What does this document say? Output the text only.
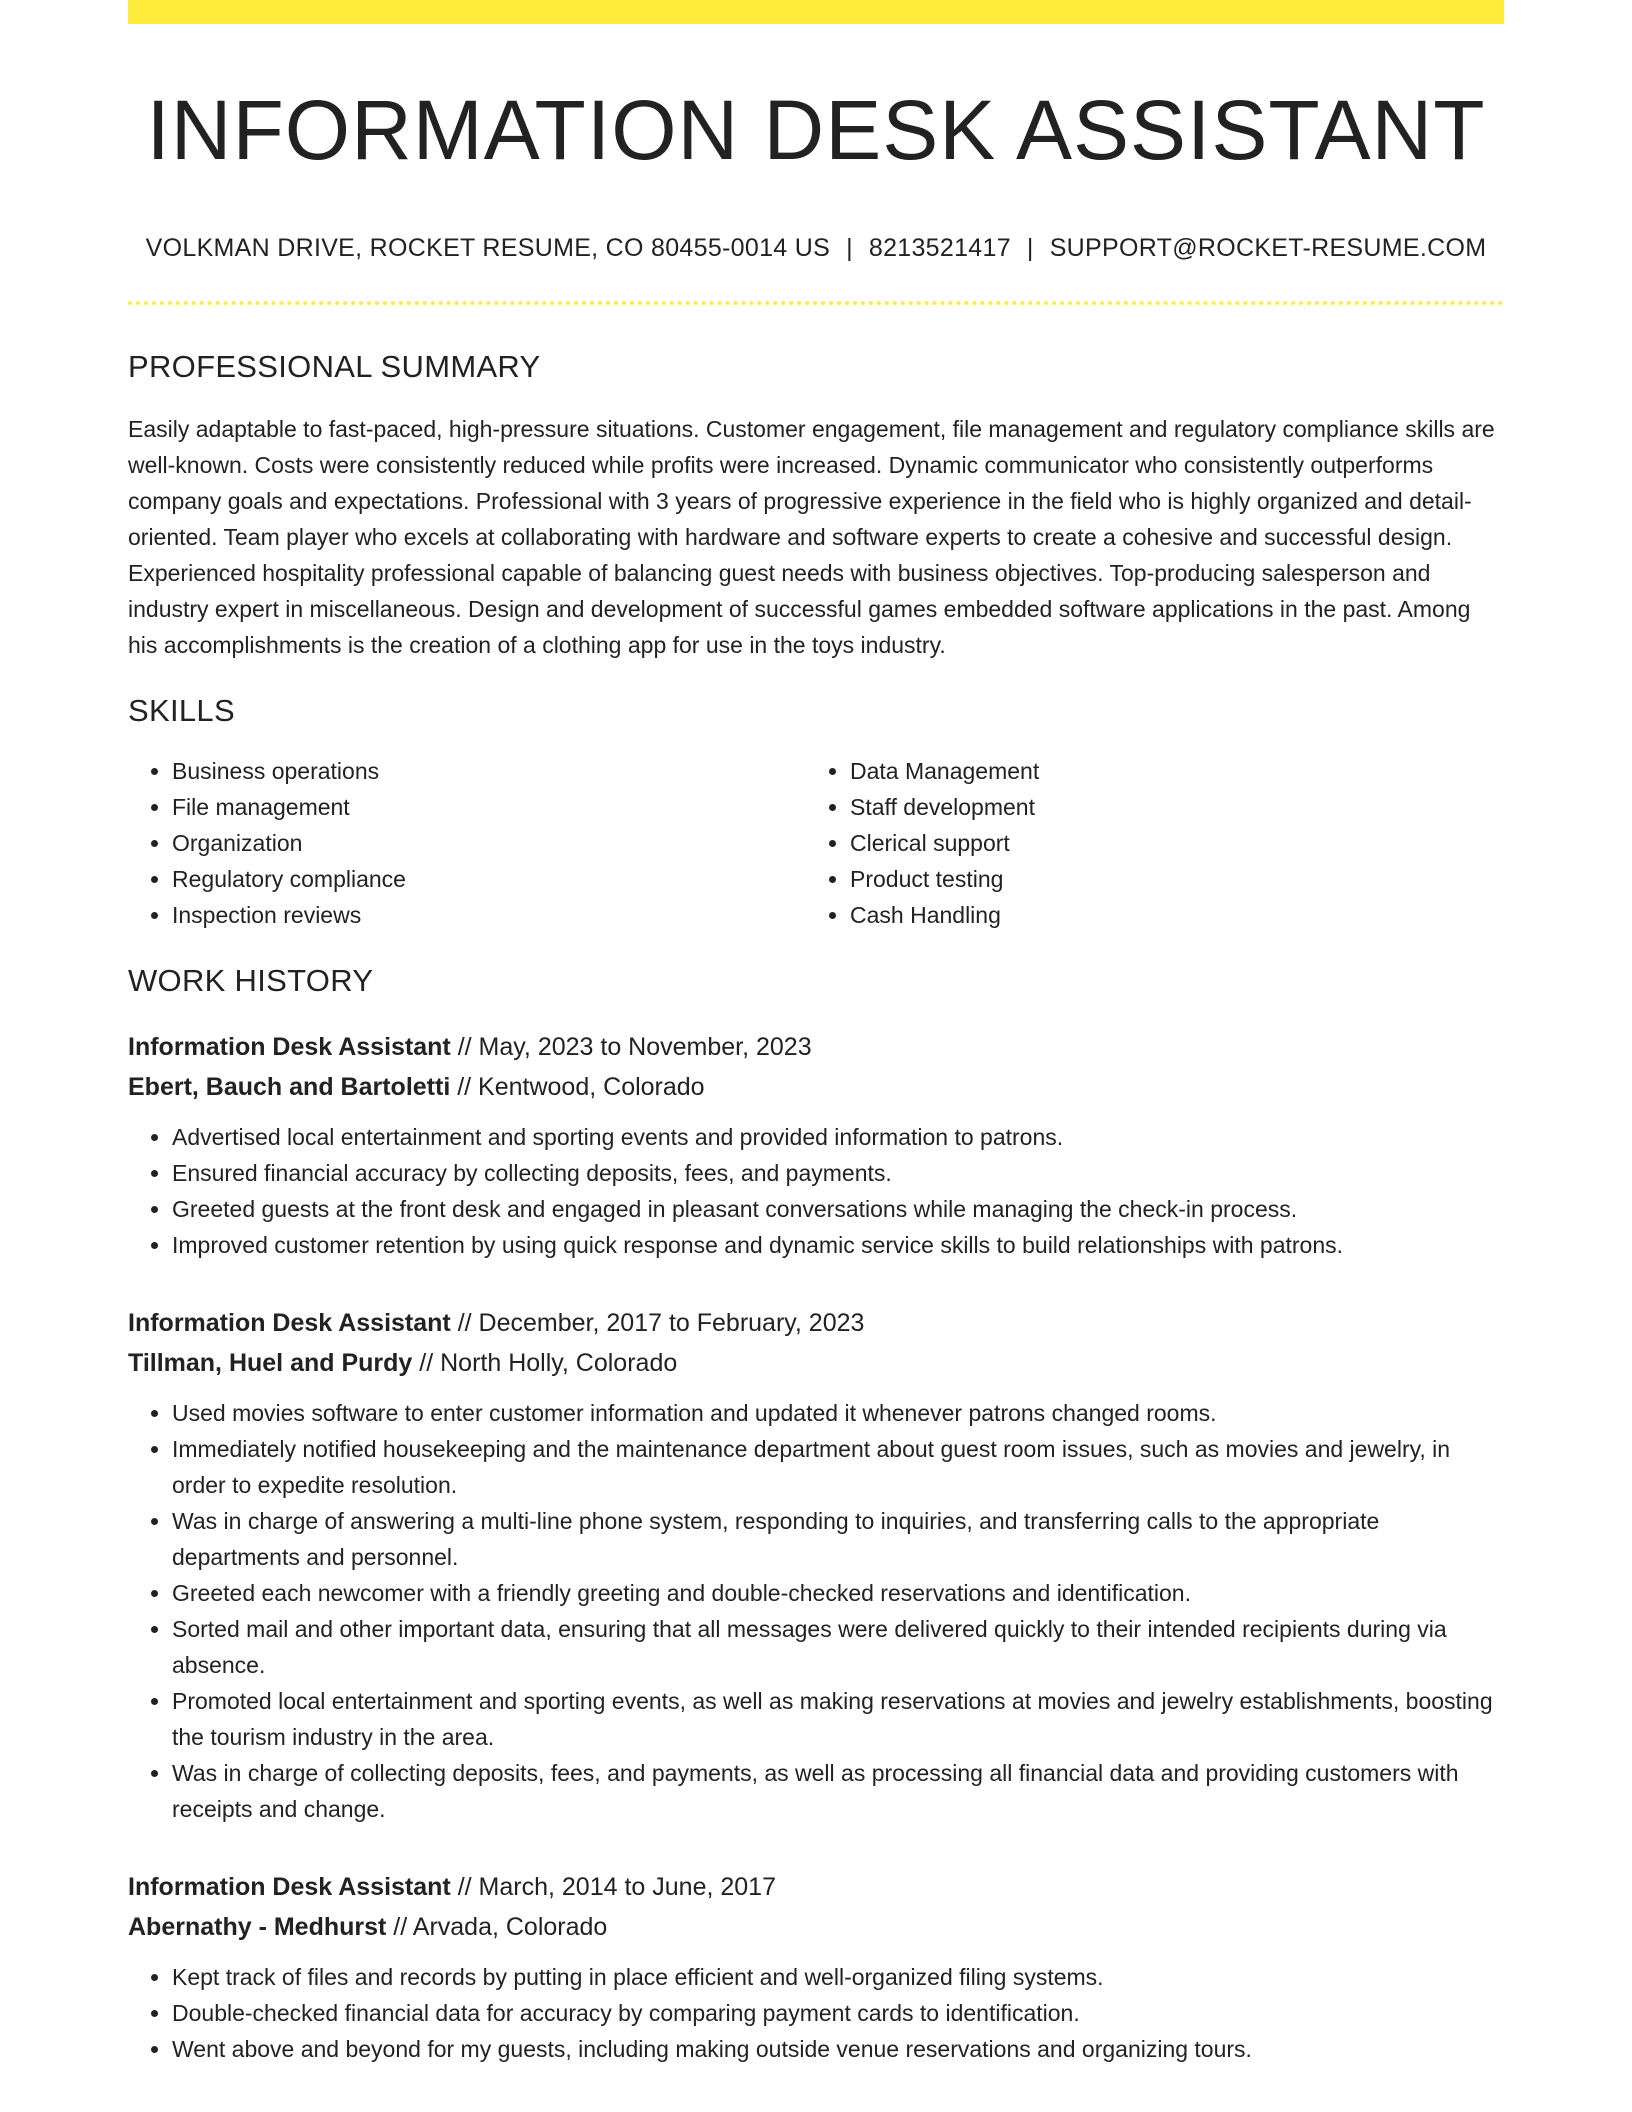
INFORMATION DESK ASSISTANT
VOLKMAN DRIVE, ROCKET RESUME, CO 80455-0014 US | 8213521417 | SUPPORT@ROCKET-RESUME.COM
PROFESSIONAL SUMMARY

Easily adaptable to fast-paced, high-pressure situations. Customer engagement, file management and regulatory compliance skills are well-known. Costs were consistently reduced while profits were increased. Dynamic communicator who consistently outperforms company goals and expectations. Professional with 3 years of progressive experience in the field who is highly organized and detail-oriented. Team player who excels at collaborating with hardware and software experts to create a cohesive and successful design. Experienced hospitality professional capable of balancing guest needs with business objectives. Top-producing salesperson and industry expert in miscellaneous. Design and development of successful games embedded software applications in the past. Among his accomplishments is the creation of a clothing app for use in the toys industry.

SKILLS
• Business operations
• File management
• Organization
• Regulatory compliance
• Inspection reviews
• Data Management
• Staff development
• Clerical support
• Product testing
• Cash Handling
WORK HISTORY
Information Desk Assistant // May, 2023 to November, 2023
Ebert, Bauch and Bartoletti // Kentwood, Colorado
• Advertised local entertainment and sporting events and provided information to patrons.
• Ensured financial accuracy by collecting deposits, fees, and payments.
• Greeted guests at the front desk and engaged in pleasant conversations while managing the check-in process.
• Improved customer retention by using quick response and dynamic service skills to build relationships with patrons.
Information Desk Assistant // December, 2017 to February, 2023
Tillman, Huel and Purdy // North Holly, Colorado
• Used movies software to enter customer information and updated it whenever patrons changed rooms.
• Immediately notified housekeeping and the maintenance department about guest room issues, such as movies and jewelry, in order to expedite resolution.
• Was in charge of answering a multi-line phone system, responding to inquiries, and transferring calls to the appropriate departments and personnel.
• Greeted each newcomer with a friendly greeting and double-checked reservations and identification.
• Sorted mail and other important data, ensuring that all messages were delivered quickly to their intended recipients during via absence.
• Promoted local entertainment and sporting events, as well as making reservations at movies and jewelry establishments, boosting the tourism industry in the area.
• Was in charge of collecting deposits, fees, and payments, as well as processing all financial data and providing customers with receipts and change.
Information Desk Assistant // March, 2014 to June, 2017
Abernathy - Medhurst // Arvada, Colorado
• Kept track of files and records by putting in place efficient and well-organized filing systems.
• Double-checked financial data for accuracy by comparing payment cards to identification.
• Went above and beyond for my guests, including making outside venue reservations and organizing tours.
